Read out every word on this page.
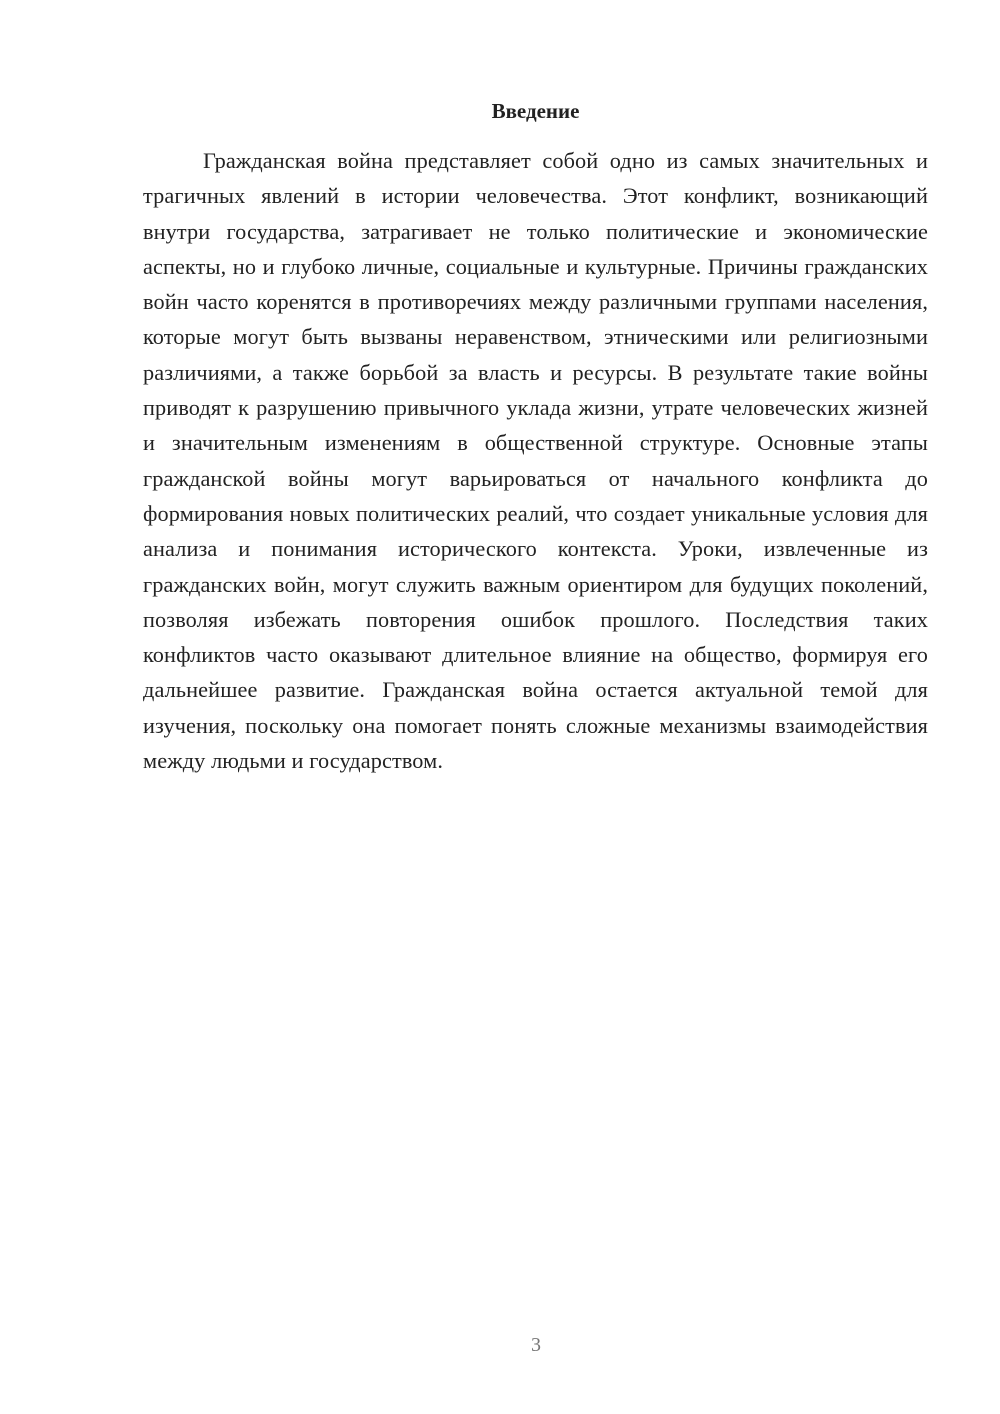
Введение

Гражданская война представляет собой одно из самых значительных и трагичных явлений в истории человечества. Этот конфликт, возникающий внутри государства, затрагивает не только политические и экономические аспекты, но и глубоко личные, социальные и культурные. Причины гражданских войн часто коренятся в противоречиях между различными группами населения, которые могут быть вызваны неравенством, этническими или религиозными различиями, а также борьбой за власть и ресурсы. В результате такие войны приводят к разрушению привычного уклада жизни, утрате человеческих жизней и значительным изменениям в общественной структуре. Основные этапы гражданской войны могут варьироваться от начального конфликта до формирования новых политических реалий, что создает уникальные условия для анализа и понимания исторического контекста. Уроки, извлеченные из гражданских войн, могут служить важным ориентиром для будущих поколений, позволяя избежать повторения ошибок прошлого. Последствия таких конфликтов часто оказывают длительное влияние на общество, формируя его дальнейшее развитие. Гражданская война остается актуальной темой для изучения, поскольку она помогает понять сложные механизмы взаимодействия между людьми и государством.

3
